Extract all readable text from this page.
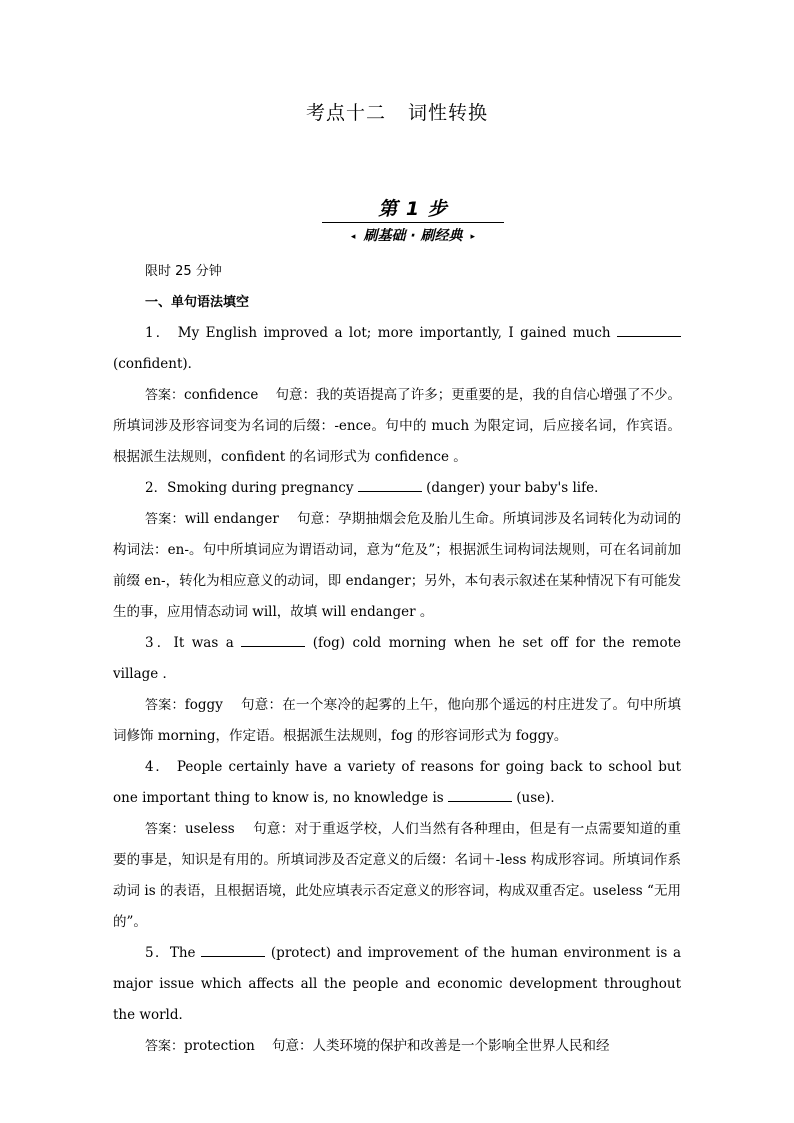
考点十二 词性转换
第 1 步
◂ 刷基础 · 刷经典 ▸
限时 25 分钟
一、单句语法填空
1． My English improved a lot; more importantly, I gained much  (confident)．
答案：confidence 句意：我的英语提高了许多；更重要的是，我的自信心增强了不少。所填词涉及形容词变为名词的后缀：-ence。句中的 much 为限定词，后应接名词，作宾语。根据派生法规则，confident 的名词形式为 confidence 。
2．Smoking during pregnancy	(danger) your baby's life．
答案：will endanger 句意：孕期抽烟会危及胎儿生命。所填词涉及名词转化为动词的构词法：en-。句中所填词应为谓语动词，意为“危及”；根据派生词构词法规则，可在名词前加前缀 en-，转化为相应意义的动词，即 endanger；另外，本句表示叙述在某种情况下有可能发生的事，应用情态动词 will，故填 will endanger 。
3．It was a	(fog) cold morning when he set off for the remote village ．
答案：foggy 句意：在一个寒冷的起雾的上午，他向那个遥远的村庄进发了。句中所填词修饰 morning，作定语。根据派生法规则，fog 的形容词形式为 foggy。
4． People certainly have a variety of reasons for going back to school but one important thing to know is, no knowledge is	(use)．
答案：useless 句意：对于重返学校，人们当然有各种理由，但是有一点需要知道的重要的事是，知识是有用的。所填词涉及否定意义的后缀：名词＋-less 构成形容词。所填词作系动词 is 的表语，且根据语境，此处应填表示否定意义的形容词，构成双重否定。useless “无用的”。
5．The	(protect) and improvement of the human environment is a major issue which affects all the people and economic development throughout the world．
答案：protection 句意：人类环境的保护和改善是一个影响全世界人民和经
